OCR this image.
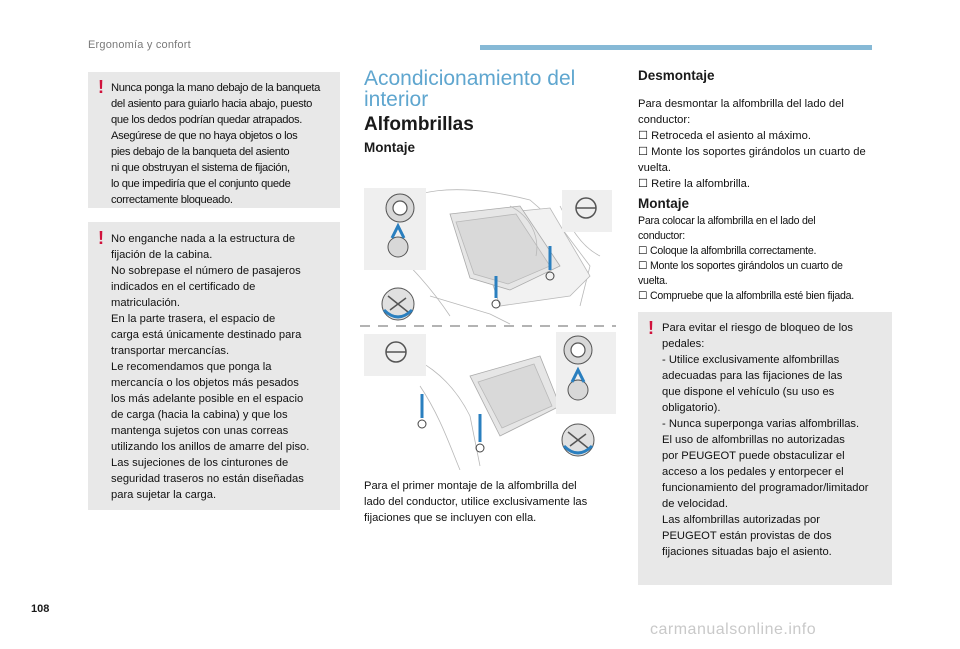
Ergonomía y confort
! Nunca ponga la mano debajo de la banqueta
del asiento para guiarlo hacia abajo, puesto
que los dedos podrían quedar atrapados.
Asegúrese de que no haya objetos o los
pies debajo de la banqueta del asiento
ni que obstruyan el sistema de fijación,
lo que impediría que el conjunto quede
correctamente bloqueado.
! No enganche nada a la estructura de
fijación de la cabina.
No sobrepase el número de pasajeros
indicados en el certificado de
matriculación.
En la parte trasera, el espacio de
carga está únicamente destinado para
transportar mercancías.
Le recomendamos que ponga la
mercancía o los objetos más pesados
los más adelante posible en el espacio
de carga (hacia la cabina) y que los
mantenga sujetos con unas correas
utilizando los anillos de amarre del piso.
Las sujeciones de los cinturones de
seguridad traseros no están diseñadas
para sujetar la carga.
Acondicionamiento del interior
Alfombrillas
Montaje
Para el primer montaje de la alfombrilla del
lado del conductor, utilice exclusivamente las
fijaciones que se incluyen con ella.
Desmontaje
Para desmontar la alfombrilla del lado del
conductor:
☐ Retroceda el asiento al máximo.
☐ Monte los soportes girándolos un cuarto de
vuelta.
☐ Retire la alfombrilla.
Montaje
Para colocar la alfombrilla en el lado del
conductor:
☐ Coloque la alfombrilla correctamente.
☐ Monte los soportes girándolos un cuarto de
vuelta.
☐ Compruebe que la alfombrilla esté bien fijada.
! Para evitar el riesgo de bloqueo de los
pedales:
- Utilice exclusivamente alfombrillas
adecuadas para las fijaciones de las
que dispone el vehículo (su uso es
obligatorio).
- Nunca superponga varias alfombrillas.
El uso de alfombrillas no autorizadas
por PEUGEOT puede obstaculizar el
acceso a los pedales y entorpecer el
funcionamiento del programador/limitador
de velocidad.
Las alfombrillas autorizadas por
PEUGEOT están provistas de dos
fijaciones situadas bajo el asiento.
108
carmanualsonline.info
